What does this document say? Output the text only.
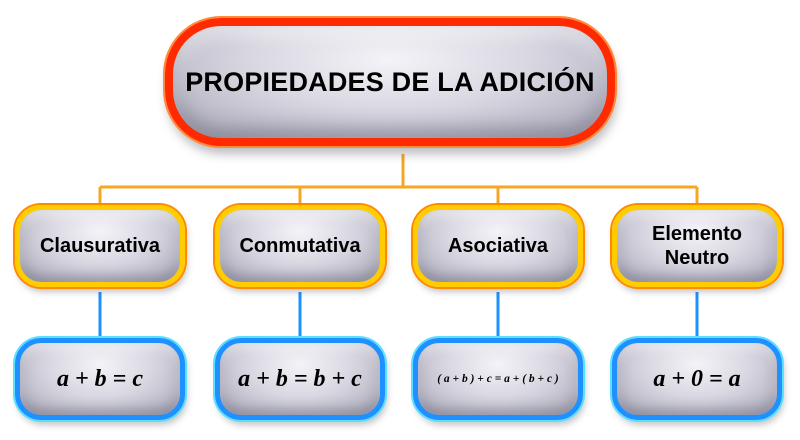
PROPIEDADES DE LA ADICIÓN
Clausurativa	Conmutativa	Asociativa
Elemento Neutro
a + b = c	a + b = b + c	( a + b ) + c = a + ( b + c )	a + 0 = a
